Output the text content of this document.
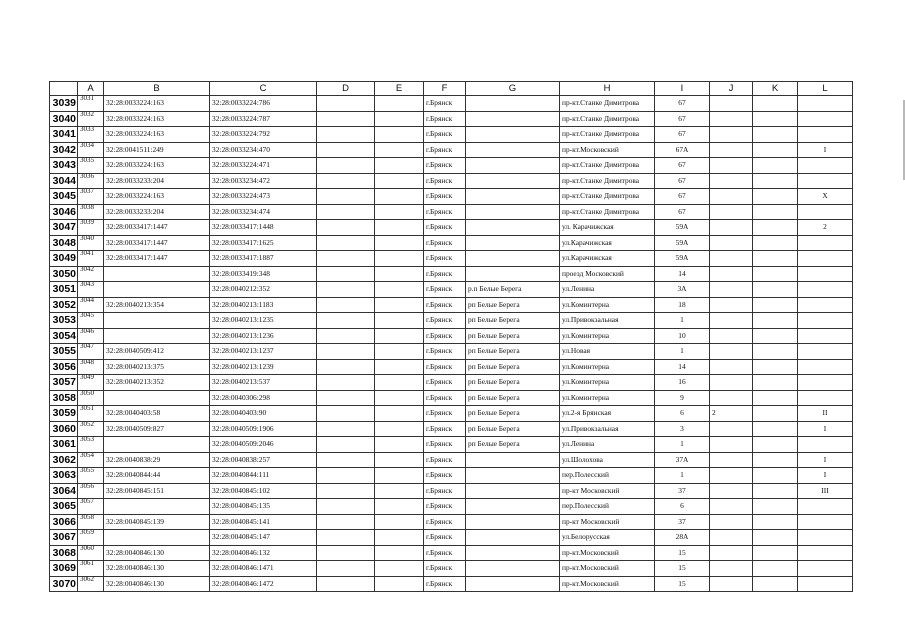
	A	B	C	D	E	F	G	H	I	J	K	L
3039	3031	32:28:0033224:163	32:28:0033224:786			г.Брянск		пр-кт.Станке Димитрова	67			
3040	3032	32:28:0033224:163	32:28:0033224:787			г.Брянск		пр-кт.Станке Димитрова	67			
3041	3033	32:28:0033224:163	32:28:0033224:792			г.Брянск		пр-кт.Станке Димитрова	67			
3042	3034	32:28:0041511:249	32:28:0033234:470			г.Брянск		пр-кт.Московский	67А			I
3043	3035	32:28:0033224:163	32:28:0033224:471			г.Брянск		пр-кт.Станке Димитрова	67			
3044	3036	32:28:0033233:204	32:28:0033234:472			г.Брянск		пр-кт.Станке Димитрова	67			
3045	3037	32:28:0033224:163	32:28:0033224:473			г.Брянск		пр-кт.Станке Димитрова	67			X
3046	3038	32:28:0033233:204	32:28:0033234:474			г.Брянск		пр-кт.Станке Димитрова	67			
3047	3039	32:28:0033417:1447	32:28:0033417:1448			г.Брянск		ул. Карачижская	59А			2
3048	3040	32:28:0033417:1447	32:28:0033417:1625			г.Брянск		ул.Карачижская	59А			
3049	3041	32:28:0033417:1447	32:28:0033417:1887			г.Брянск		ул.Карачижская	59А			
3050	3042		32:28:0033419:348			г.Брянск		проезд Московский	14			
3051	3043		32:28:0040212:352			г.Брянск	р.п Белые Берега	ул.Ленина	3А			
3052	3044	32:28:0040213:354	32:28:0040213:1183			г.Брянск	рп Белые Берега	ул.Коминтерна	18			
3053	3045		32:28:0040213:1235			г.Брянск	рп Белые Берега	ул.Привокзальная	1			
3054	3046		32:28:0040213:1236			г.Брянск	рп Белые Берега	ул.Коминтерна	10			
3055	3047	32:28:0040509:412	32:28:0040213:1237			г.Брянск	рп Белые Берега	ул.Новая	1			
3056	3048	32:28:0040213:375	32:28:0040213:1239			г.Брянск	рп Белые Берега	ул.Коминтерна	14			
3057	3049	32:28:0040213:352	32:28:0040213:537			г.Брянск	рп Белые Берега	ул.Коминтерна	16			
3058	3050		32:28:0040306:298			г.Брянск	рп Белые Берега	ул.Коминтерна	9			
3059	3051	32:28:0040403:58	32:28:0040403:90			г.Брянск	рп Белые Берега	ул.2-я Брянская	6	2		II
3060	3052	32:28:0040509:827	32:28:0040509:1906			г.Брянск	рп Белые Берега	ул.Привокзальная	3			I
3061	3053		32:28:0040509:2046			г.Брянск	рп Белые Берега	ул.Ленина	1			
3062	3054	32:28:0040838:29	32:28:0040838:257			г.Брянск		ул.Шолохова	37А			I
3063	3055	32:28:0040844:44	32:28:0040844:111			г.Брянск		пер.Полесский	1			I
3064	3056	32:28:0040845:151	32:28:0040845:102			г.Брянск		пр-кт Московский	37			III
3065	3057		32:28:0040845:135			г.Брянск		пер.Полесский	6			
3066	3058	32:28:0040845:139	32:28:0040845:141			г.Брянск		пр-кт Московский	37			
3067	3059		32:28:0040845:147			г.Брянск		ул.Белорусская	28А			
3068	3060	32:28:0040846:130	32:28:0040846:132			г.Брянск		пр-кт.Московский	15			
3069	3061	32:28:0040846:130	32:28:0040846:1471			г.Брянск		пр-кт.Московский	15			
3070	3062	32:28:0040846:130	32:28:0040846:1472			г.Брянск		пр-кт.Московский	15			
